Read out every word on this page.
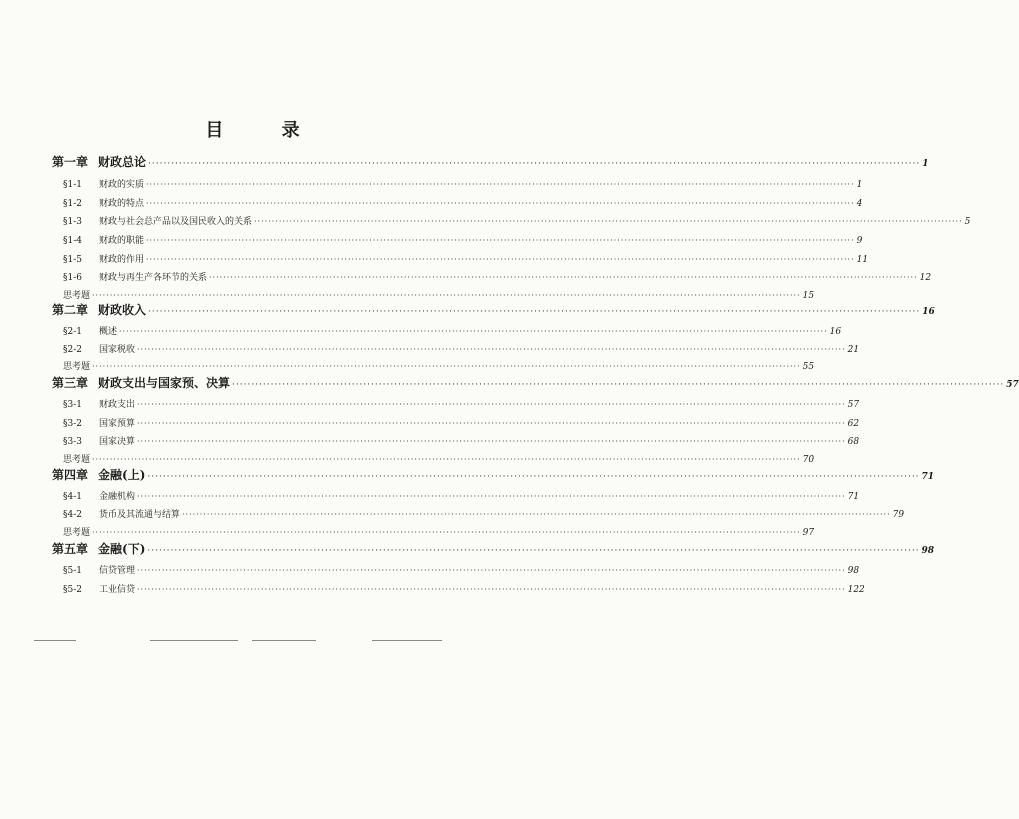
目 录
第一章 财政总论 ········································································································································································································ 1
§1-1	财政的实质 ········································································································································································································ 1
§1-2	财政的特点 ········································································································································································································ 4
§1-3	财政与社会总产品以及国民收入的关系 ········································································································································································································ 5
§1-4	财政的职能 ········································································································································································································ 9
§1-5	财政的作用 ········································································································································································································ 11
§1-6	财政与再生产各环节的关系 ········································································································································································································ 12
思考题 ········································································································································································································ 15
第二章 财政收入 ········································································································································································································ 16
§2-1	概述 ········································································································································································································ 16
§2-2	国家税收 ········································································································································································································ 21
思考题 ········································································································································································································ 55
第三章 财政支出与国家预、决算 ········································································································································································································ 57
§3-1	财政支出 ········································································································································································································ 57
§3-2	国家预算 ········································································································································································································ 62
§3-3	国家决算 ········································································································································································································ 68
思考题 ········································································································································································································ 70
第四章 金融(上) ········································································································································································································ 71
§4-1	金融机构 ········································································································································································································ 71
§4-2	货币及其流通与结算 ········································································································································································································ 79
思考题 ········································································································································································································ 97
第五章 金融(下) ········································································································································································································ 98
§5-1	信贷管理 ········································································································································································································ 98
§5-2	工业信贷 ········································································································································································································ 122
